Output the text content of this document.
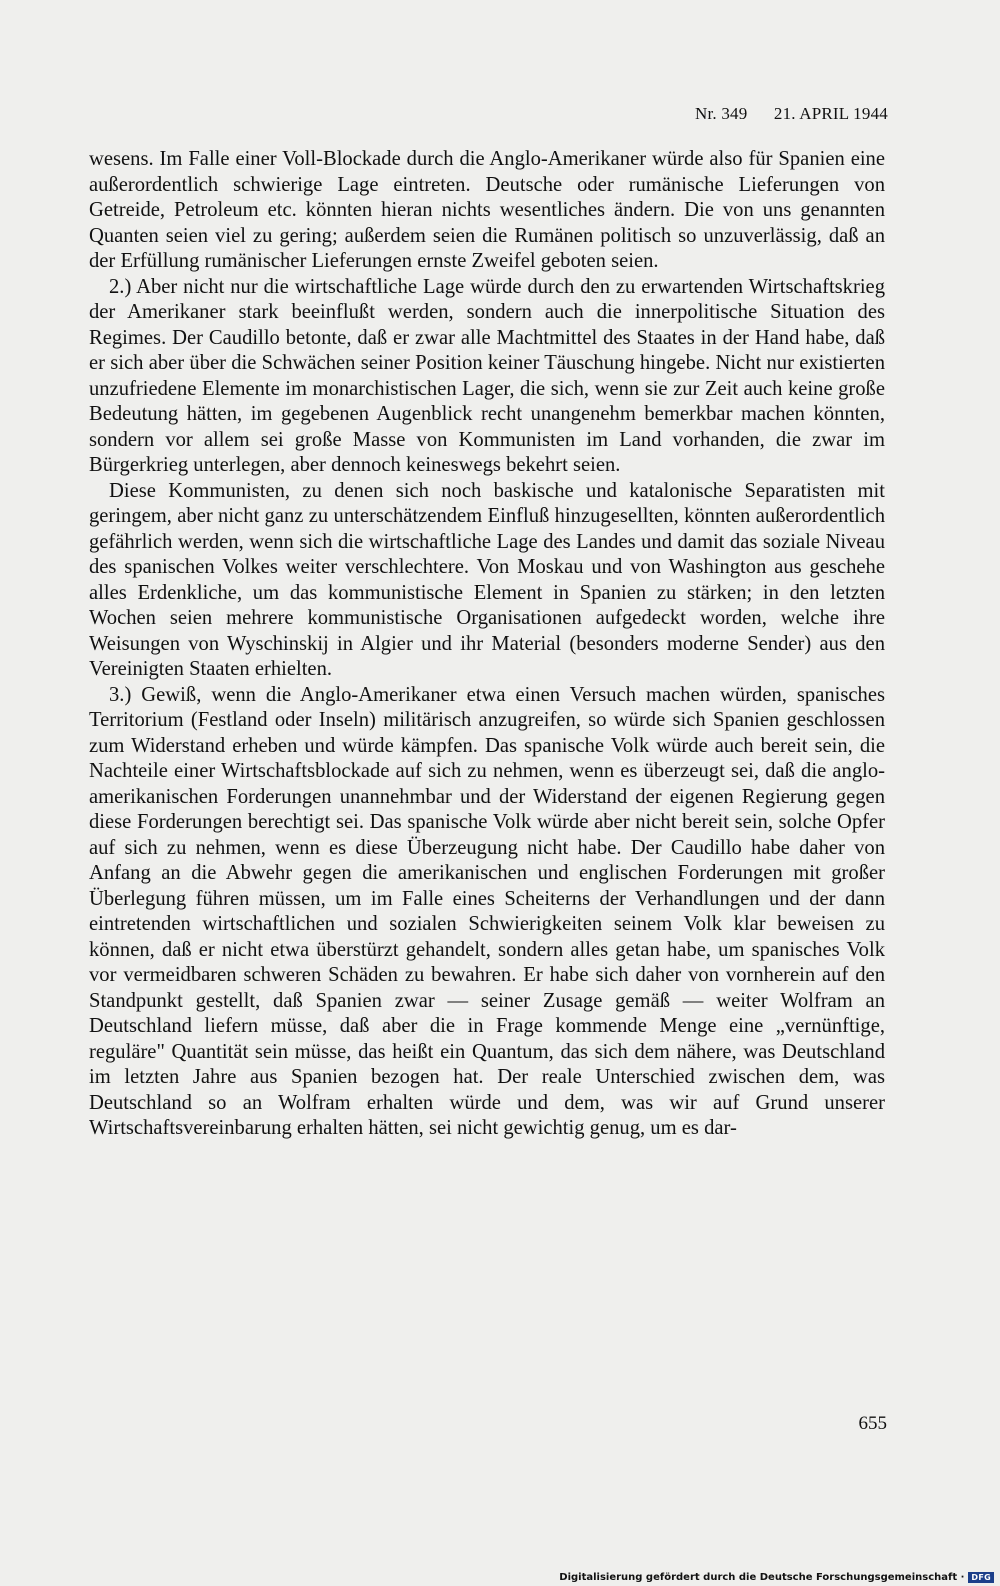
Nr. 349 21. APRIL 1944

wesens. Im Falle einer Voll-Blockade durch die Anglo-Amerikaner würde also für Spanien eine außerordentlich schwierige Lage eintreten. Deutsche oder rumänische Lieferungen von Getreide, Petroleum etc. könnten hieran nichts wesentliches ändern. Die von uns genannten Quanten seien viel zu gering; außerdem seien die Rumänen politisch so unzuverlässig, daß an der Erfüllung rumänischer Lieferungen ernste Zweifel geboten seien.

2.) Aber nicht nur die wirtschaftliche Lage würde durch den zu erwartenden Wirtschaftskrieg der Amerikaner stark beeinflußt werden, sondern auch die innerpolitische Situation des Regimes. Der Caudillo betonte, daß er zwar alle Machtmittel des Staates in der Hand habe, daß er sich aber über die Schwächen seiner Position keiner Täuschung hingebe. Nicht nur existierten unzufriedene Elemente im monarchistischen Lager, die sich, wenn sie zur Zeit auch keine große Bedeutung hätten, im gegebenen Augenblick recht unangenehm bemerkbar machen könnten, sondern vor allem sei große Masse von Kommunisten im Land vorhanden, die zwar im Bürgerkrieg unterlegen, aber dennoch keineswegs bekehrt seien.

Diese Kommunisten, zu denen sich noch baskische und katalonische Separatisten mit geringem, aber nicht ganz zu unterschätzendem Einfluß hinzugesellten, könnten außerordentlich gefährlich werden, wenn sich die wirtschaftliche Lage des Landes und damit das soziale Niveau des spanischen Volkes weiter verschlechtere. Von Moskau und von Washington aus geschehe alles Erdenkliche, um das kommunistische Element in Spanien zu stärken; in den letzten Wochen seien mehrere kommunistische Organisationen aufgedeckt worden, welche ihre Weisungen von Wyschinskij in Algier und ihr Material (besonders moderne Sender) aus den Vereinigten Staaten erhielten.

3.) Gewiß, wenn die Anglo-Amerikaner etwa einen Versuch machen würden, spanisches Territorium (Festland oder Inseln) militärisch anzugreifen, so würde sich Spanien geschlossen zum Widerstand erheben und würde kämpfen. Das spanische Volk würde auch bereit sein, die Nachteile einer Wirtschaftsblockade auf sich zu nehmen, wenn es überzeugt sei, daß die anglo-amerikanischen Forderungen unannehmbar und der Widerstand der eigenen Regierung gegen diese Forderungen berechtigt sei. Das spanische Volk würde aber nicht bereit sein, solche Opfer auf sich zu nehmen, wenn es diese Überzeugung nicht habe. Der Caudillo habe daher von Anfang an die Abwehr gegen die amerikanischen und englischen Forderungen mit großer Überlegung führen müssen, um im Falle eines Scheiterns der Verhandlungen und der dann eintretenden wirtschaftlichen und sozialen Schwierigkeiten seinem Volk klar beweisen zu können, daß er nicht etwa überstürzt gehandelt, sondern alles getan habe, um spanisches Volk vor vermeidbaren schweren Schäden zu bewahren. Er habe sich daher von vornherein auf den Standpunkt gestellt, daß Spanien zwar — seiner Zusage gemäß — weiter Wolfram an Deutschland liefern müsse, daß aber die in Frage kommende Menge eine „vernünftige, reguläre" Quantität sein müsse, das heißt ein Quantum, das sich dem nähere, was Deutschland im letzten Jahre aus Spanien bezogen hat. Der reale Unterschied zwischen dem, was Deutschland so an Wolfram erhalten würde und dem, was wir auf Grund unserer Wirtschaftsvereinbarung erhalten hätten, sei nicht gewichtig genug, um es dar-

655
Digitalisierung gefördert durch die Deutsche Forschungsgemeinschaft · DFG
